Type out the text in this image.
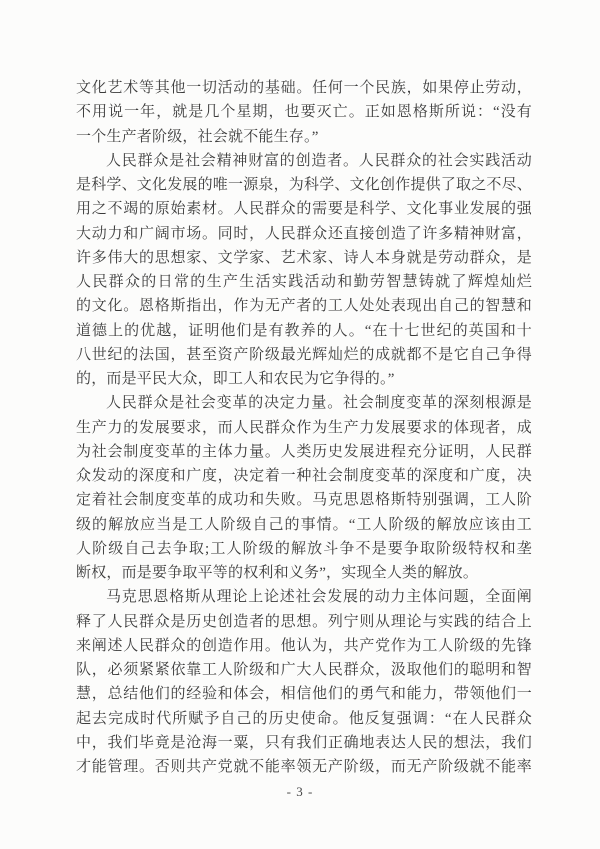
文化艺术等其他一切活动的基础。任何一个民族，如果停止劳动，
不用说一年，就是几个星期，也要灭亡。正如恩格斯所说：“没有
一个生产者阶级，社会就不能生存。”
人民群众是社会精神财富的创造者。人民群众的社会实践活动
是科学、文化发展的唯一源泉，为科学、文化创作提供了取之不尽、
用之不竭的原始素材。人民群众的需要是科学、文化事业发展的强
大动力和广阔市场。同时，人民群众还直接创造了许多精神财富，
许多伟大的思想家、文学家、艺术家、诗人本身就是劳动群众，是
人民群众的日常的生产生活实践活动和勤劳智慧铸就了辉煌灿烂
的文化。恩格斯指出，作为无产者的工人处处表现出自己的智慧和
道德上的优越，证明他们是有教养的人。“在十七世纪的英国和十
八世纪的法国，甚至资产阶级最光辉灿烂的成就都不是它自己争得
的，而是平民大众，即工人和农民为它争得的。”
人民群众是社会变革的决定力量。社会制度变革的深刻根源是
生产力的发展要求，而人民群众作为生产力发展要求的体现者，成
为社会制度变革的主体力量。人类历史发展进程充分证明，人民群
众发动的深度和广度，决定着一种社会制度变革的深度和广度，决
定着社会制度变革的成功和失败。马克思恩格斯特别强调，工人阶
级的解放应当是工人阶级自己的事情。“工人阶级的解放应该由工
人阶级自己去争取;工人阶级的解放斗争不是要争取阶级特权和垄
断权，而是要争取平等的权利和义务”，实现全人类的解放。
马克思恩格斯从理论上论述社会发展的动力主体问题，全面阐
释了人民群众是历史创造者的思想。列宁则从理论与实践的结合上
来阐述人民群众的创造作用。他认为，共产党作为工人阶级的先锋
队，必须紧紧依靠工人阶级和广大人民群众，汲取他们的聪明和智
慧，总结他们的经验和体会，相信他们的勇气和能力，带领他们一
起去完成时代所赋予自己的历史使命。他反复强调：“在人民群众
中，我们毕竟是沧海一粟，只有我们正确地表达人民的想法，我们
才能管理。否则共产党就不能率领无产阶级，而无产阶级就不能率
- 3 -
